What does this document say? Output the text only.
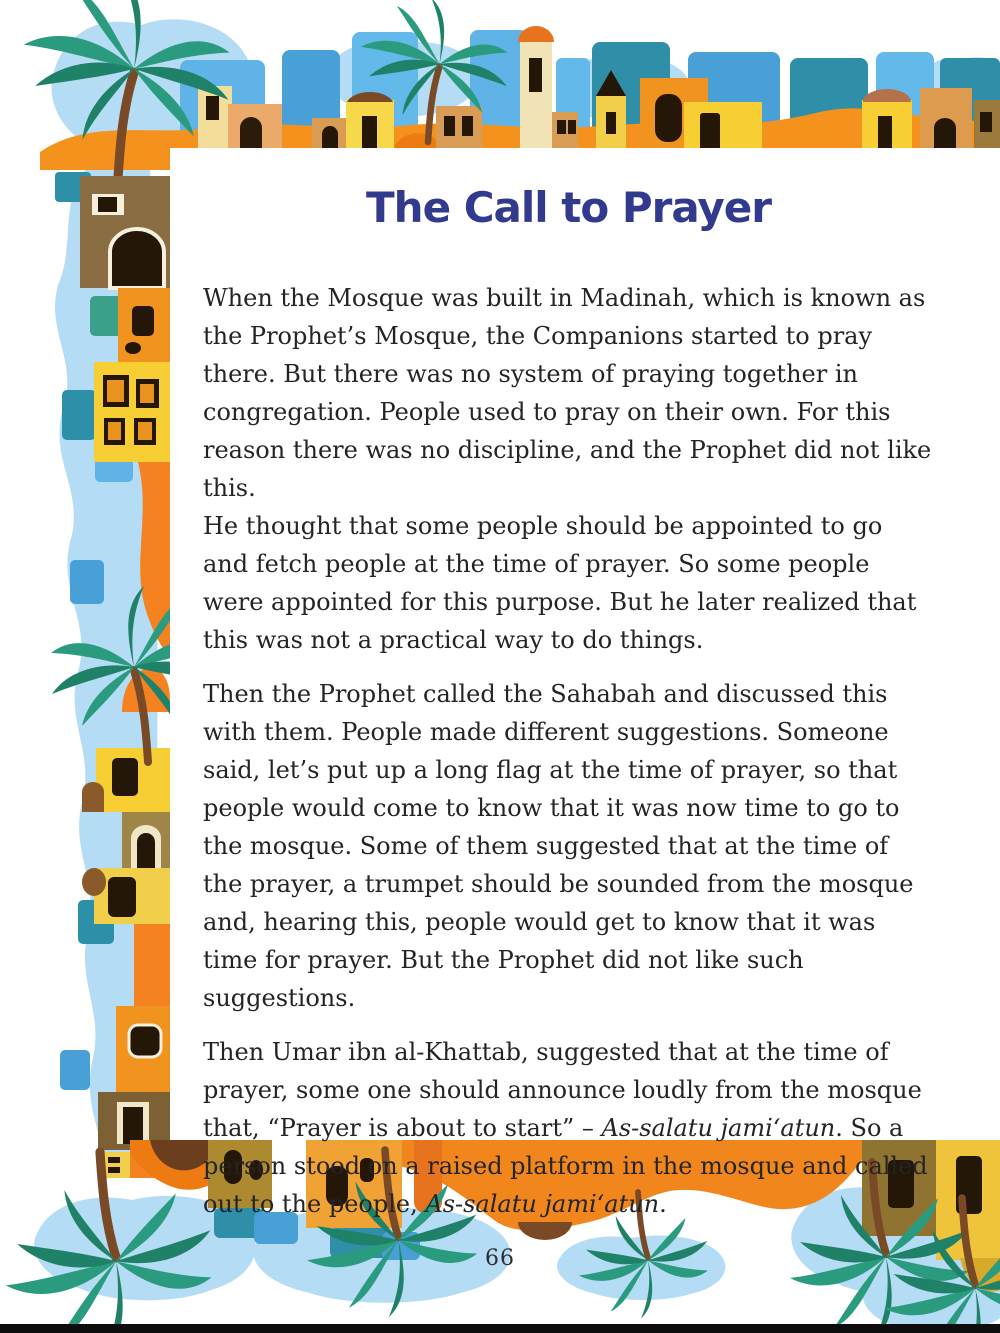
The Call to Prayer

When the Mosque was built in Madinah, which is known as the Prophet’s Mosque, the Companions started to pray there. But there was no system of praying together in congregation. People used to pray on their own. For this reason there was no discipline, and the Prophet did not like this.

He thought that some people should be appointed to go and fetch people at the time of prayer. So some people were appointed for this purpose. But he later realized that this was not a practical way to do things.

Then the Prophet called the Sahabah and discussed this with them. People made different suggestions. Someone said, let’s put up a long flag at the time of prayer, so that people would come to know that it was now time to go to the mosque. Some of them suggested that at the time of the prayer, a trumpet should be sounded from the mosque and, hearing this, people would get to know that it was time for prayer. But the Prophet did not like such suggestions.

Then Umar ibn al-Khattab, suggested that at the time of prayer, some one should announce loudly from the mosque that, “Prayer is about to start” – As-salatu jami‘atun. So a person stood on a raised platform in the mosque and called out to the people, As-salatu jami‘atun.

66
